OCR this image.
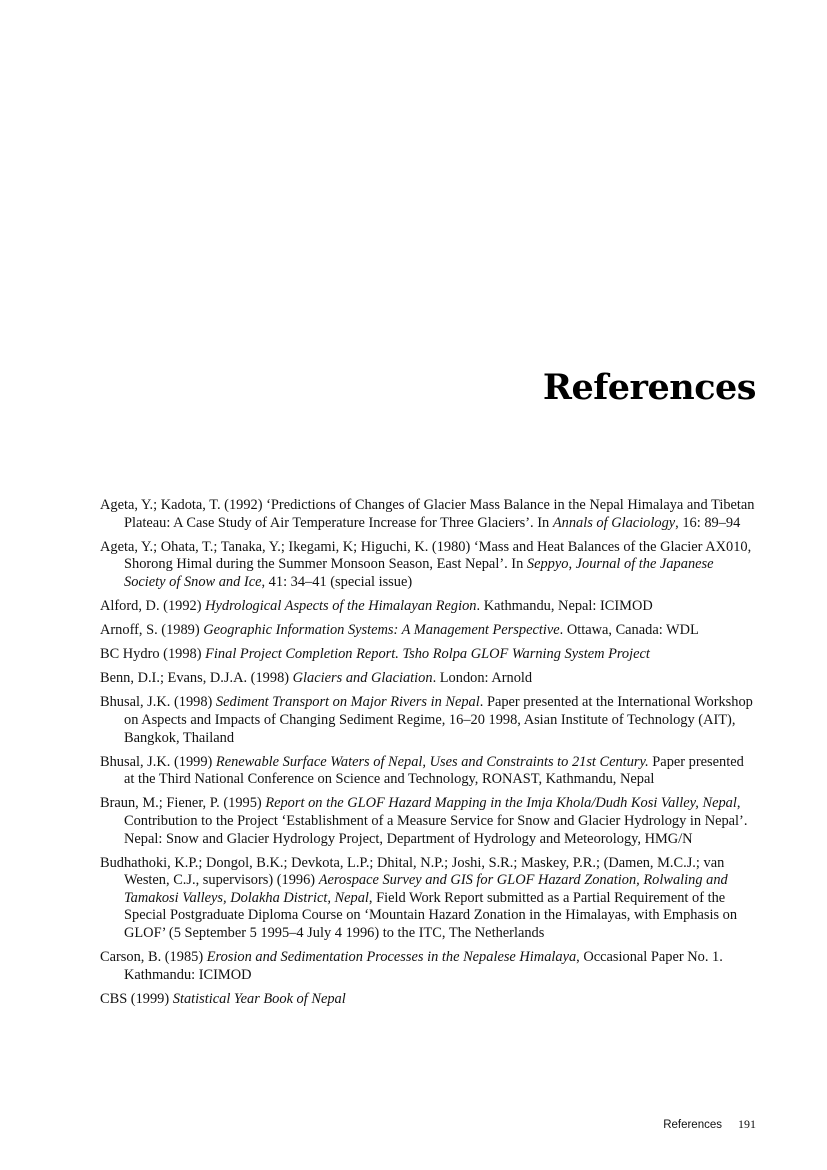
References

Ageta, Y.; Kadota, T. (1992) ‘Predictions of Changes of Glacier Mass Balance in the Nepal Himalaya and Tibetan Plateau: A Case Study of Air Temperature Increase for Three Glaciers’. In Annals of Glaciology, 16: 89–94

Ageta, Y.; Ohata, T.; Tanaka, Y.; Ikegami, K; Higuchi, K. (1980) ‘Mass and Heat Balances of the Glacier AX010, Shorong Himal during the Summer Monsoon Season, East Nepal’. In Seppyo, Journal of the Japanese Society of Snow and Ice, 41: 34–41 (special issue)

Alford, D. (1992) Hydrological Aspects of the Himalayan Region. Kathmandu, Nepal: ICIMOD

Arnoff, S. (1989) Geographic Information Systems: A Management Perspective. Ottawa, Canada: WDL

BC Hydro (1998) Final Project Completion Report. Tsho Rolpa GLOF Warning System Project

Benn, D.I.; Evans, D.J.A. (1998) Glaciers and Glaciation. London: Arnold

Bhusal, J.K. (1998) Sediment Transport on Major Rivers in Nepal. Paper presented at the International Workshop on Aspects and Impacts of Changing Sediment Regime, 16–20 1998, Asian Institute of Technology (AIT), Bangkok, Thailand

Bhusal, J.K. (1999) Renewable Surface Waters of Nepal, Uses and Constraints to 21st Century. Paper presented at the Third National Conference on Science and Technology, RONAST, Kathmandu, Nepal

Braun, M.; Fiener, P. (1995) Report on the GLOF Hazard Mapping in the Imja Khola/Dudh Kosi Valley, Nepal, Contribution to the Project ‘Establishment of a Measure Service for Snow and Glacier Hydrology in Nepal’. Nepal: Snow and Glacier Hydrology Project, Department of Hydrology and Meteorology, HMG/N

Budhathoki, K.P.; Dongol, B.K.; Devkota, L.P.; Dhital, N.P.; Joshi, S.R.; Maskey, P.R.; (Damen, M.C.J.; van Westen, C.J., supervisors) (1996) Aerospace Survey and GIS for GLOF Hazard Zonation, Rolwaling and Tamakosi Valleys, Dolakha District, Nepal, Field Work Report submitted as a Partial Requirement of the Special Postgraduate Diploma Course on ‘Mountain Hazard Zonation in the Himalayas, with Emphasis on GLOF’ (5 September 5 1995–4 July 4 1996) to the ITC, The Netherlands

Carson, B. (1985) Erosion and Sedimentation Processes in the Nepalese Himalaya, Occasional Paper No. 1. Kathmandu: ICIMOD

CBS (1999) Statistical Year Book of Nepal

References 191
